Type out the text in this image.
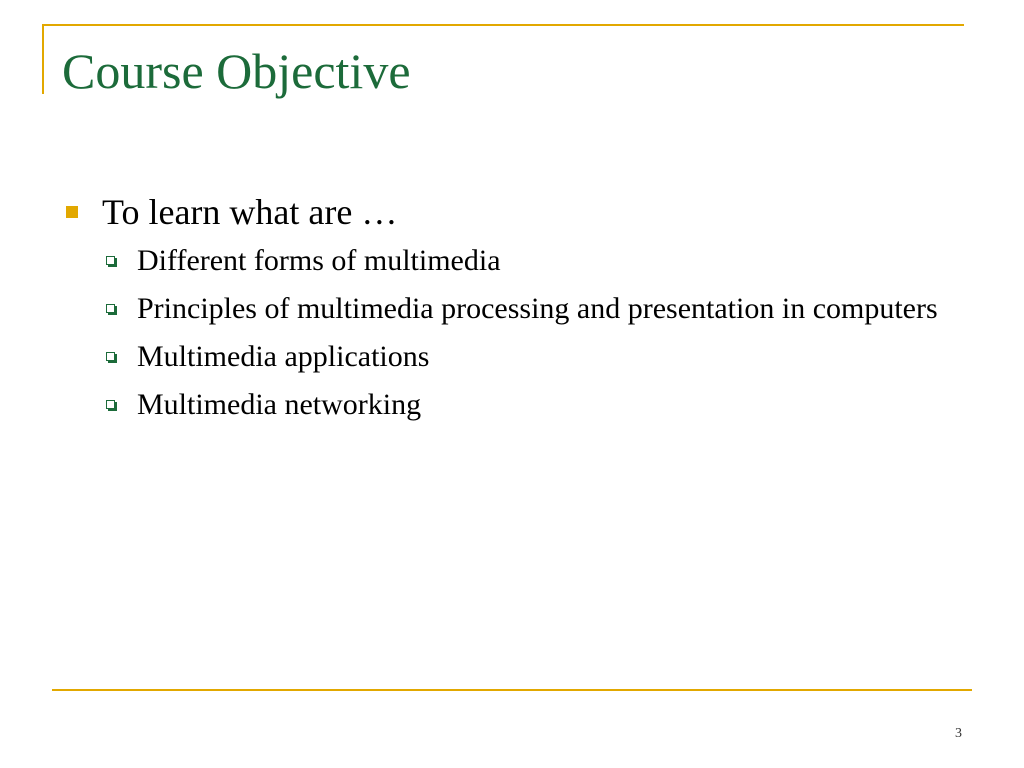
Course Objective
To learn what are …
Different forms of multimedia
Principles of multimedia processing and presentation in computers
Multimedia applications
Multimedia networking
3
